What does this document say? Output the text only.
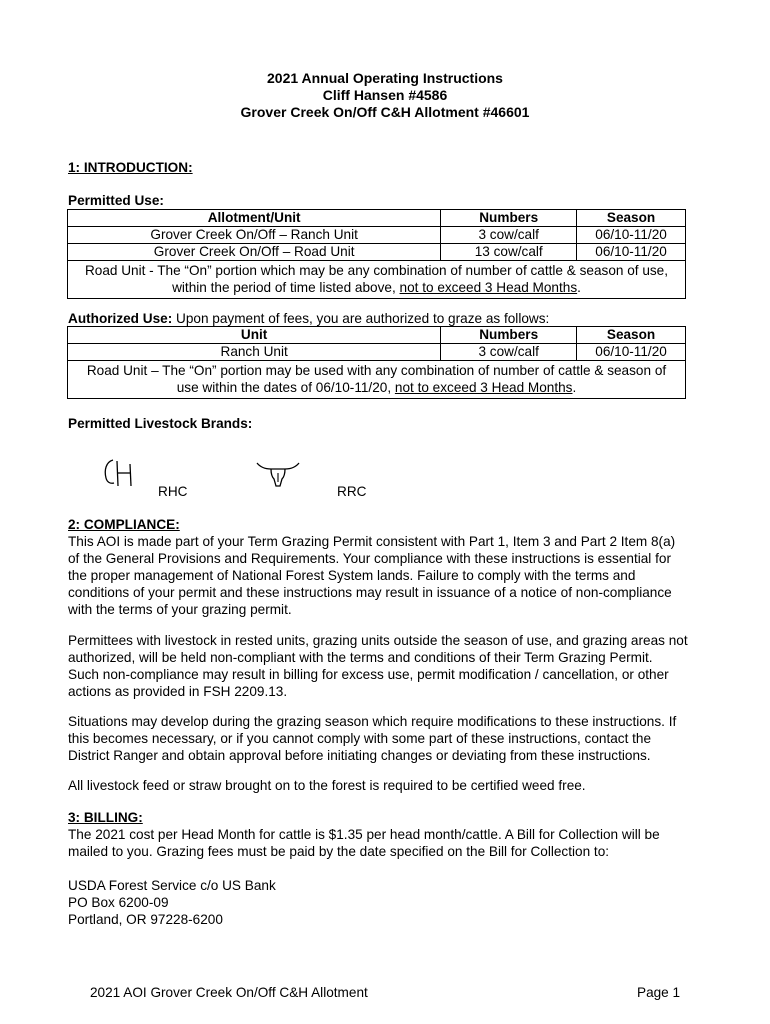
2021 Annual Operating Instructions
Cliff Hansen #4586
Grover Creek On/Off C&H Allotment #46601
1: INTRODUCTION:
Permitted Use:
Allotment/Unit	Numbers	Season
Grover Creek On/Off – Ranch Unit	3 cow/calf	06/10-11/20
Grover Creek On/Off – Road Unit	13 cow/calf	06/10-11/20
Road Unit - The “On” portion which may be any combination of number of cattle & season of use,
within the period of time listed above, not to exceed 3 Head Months.		
Authorized Use: Upon payment of fees, you are authorized to graze as follows:
Unit	Numbers	Season
Ranch Unit	3 cow/calf	06/10-11/20
Road Unit – The “On” portion may be used with any combination of number of cattle & season of
use within the dates of 06/10-11/20, not to exceed 3 Head Months.		
Permitted Livestock Brands:
RHC	RRC
2: COMPLIANCE:
This AOI is made part of your Term Grazing Permit consistent with Part 1, Item 3 and Part 2 Item 8(a)
of the General Provisions and Requirements. Your compliance with these instructions is essential for
the proper management of National Forest System lands. Failure to comply with the terms and
conditions of your permit and these instructions may result in issuance of a notice of non-compliance
with the terms of your grazing permit.
Permittees with livestock in rested units, grazing units outside the season of use, and grazing areas not
authorized, will be held non-compliant with the terms and conditions of their Term Grazing Permit.
Such non-compliance may result in billing for excess use, permit modification / cancellation, or other
actions as provided in FSH 2209.13.
Situations may develop during the grazing season which require modifications to these instructions. If
this becomes necessary, or if you cannot comply with some part of these instructions, contact the
District Ranger and obtain approval before initiating changes or deviating from these instructions.
All livestock feed or straw brought on to the forest is required to be certified weed free.
3: BILLING:
The 2021 cost per Head Month for cattle is $1.35 per head month/cattle. A Bill for Collection will be
mailed to you. Grazing fees must be paid by the date specified on the Bill for Collection to:
USDA Forest Service c/o US Bank
PO Box 6200-09
Portland, OR 97228-6200
2021 AOI Grover Creek On/Off C&H Allotment	Page 1
